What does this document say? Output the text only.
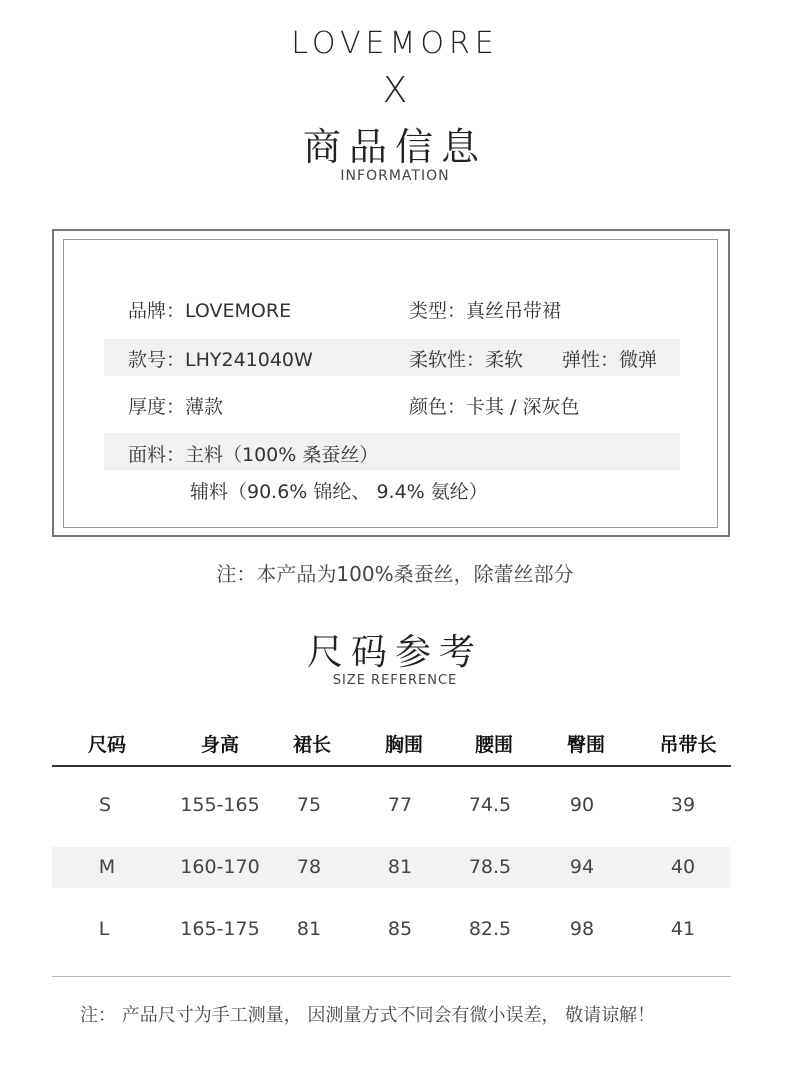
LOVEMORE
X
商品信息
INFORMATION
品牌：LOVEMORE	类型：真丝吊带裙
款号：LHY241040W	柔软性：柔软 弹性：微弹
厚度：薄款	颜色：卡其 / 深灰色
面料：主料（100% 桑蚕丝）
辅料（90.6% 锦纶、 9.4% 氨纶）
注：本产品为100%桑蚕丝，除蕾丝部分
尺码参考
SIZE REFERENCE
尺码	身高	裙长	胸围	腰围	臀围	吊带长
S	155-165	75	77	74.5	90	39
M	160-170	78	81	78.5	94	40
L	165-175	81	85	82.5	98	41
注： 产品尺寸为手工测量， 因测量方式不同会有微小误差， 敬请谅解！
